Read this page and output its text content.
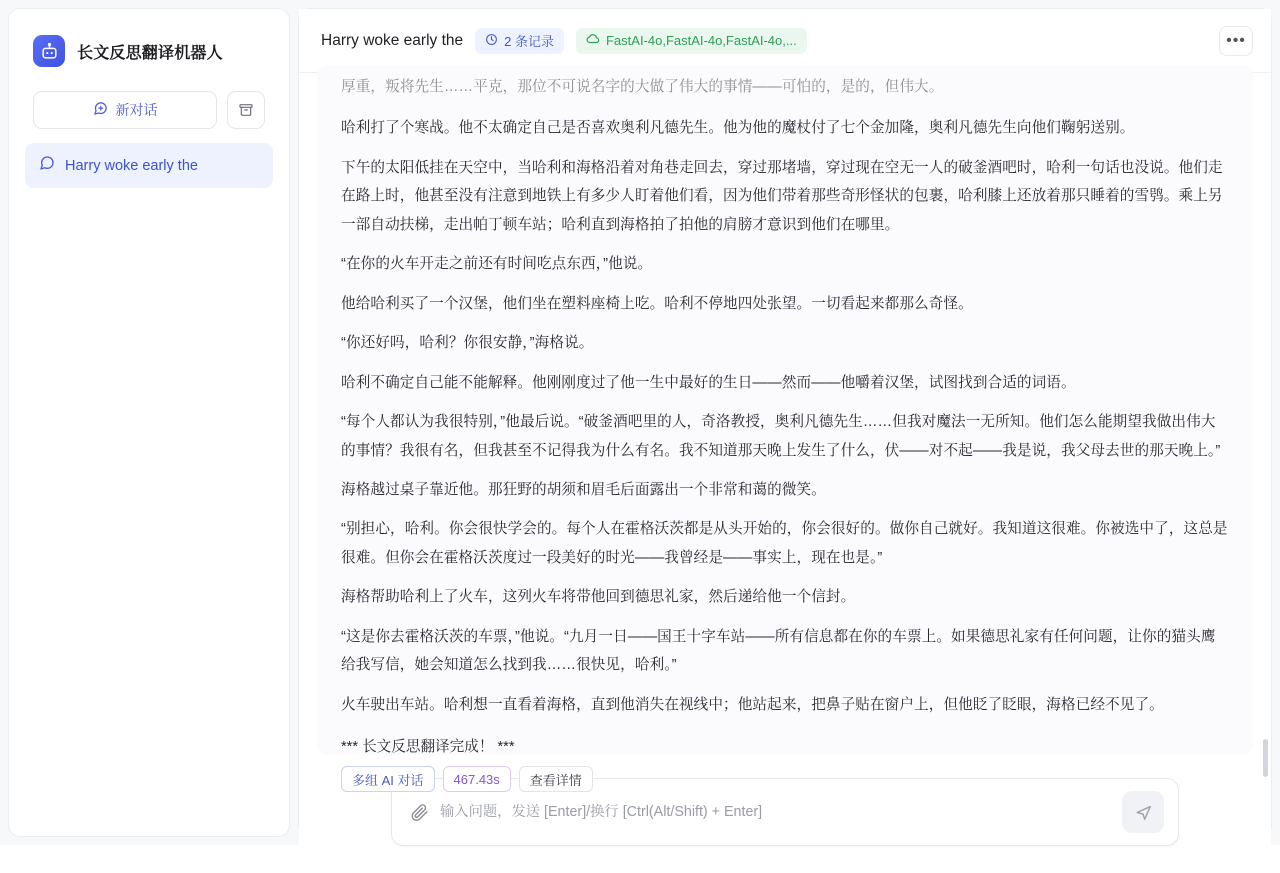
长文反思翻译机器人
新对话
Harry woke early the
Harry woke early the	2 条记录	FastAI-4o,FastAI-4o,FastAI-4o,...	•••

厚重，叛将先生……平克，那位不可说名字的大做了伟大的事情——可怕的，是的，但伟大。

哈利打了个寒战。他不太确定自己是否喜欢奥利凡德先生。他为他的魔杖付了七个金加隆，奥利凡德先生向他们鞠躬送别。

下午的太阳低挂在天空中，当哈利和海格沿着对角巷走回去，穿过那堵墙，穿过现在空无一人的破釜酒吧时，哈利一句话也没说。他们走在路上时，他甚至没有注意到地铁上有多少人盯着他们看，因为他们带着那些奇形怪状的包裹，哈利膝上还放着那只睡着的雪鸮。乘上另一部自动扶梯，走出帕丁顿车站；哈利直到海格拍了拍他的肩膀才意识到他们在哪里。

“在你的火车开走之前还有时间吃点东西，”他说。

他给哈利买了一个汉堡，他们坐在塑料座椅上吃。哈利不停地四处张望。一切看起来都那么奇怪。

“你还好吗，哈利？你很安静，”海格说。

哈利不确定自己能不能解释。他刚刚度过了他一生中最好的生日——然而——他嚼着汉堡，试图找到合适的词语。

“每个人都认为我很特别，”他最后说。“破釜酒吧里的人，奇洛教授，奥利凡德先生……但我对魔法一无所知。他们怎么能期望我做出伟大的事情？我很有名，但我甚至不记得我为什么有名。我不知道那天晚上发生了什么，伏——对不起——我是说，我父母去世的那天晚上。”

海格越过桌子靠近他。那狂野的胡须和眉毛后面露出一个非常和蔼的微笑。

“别担心，哈利。你会很快学会的。每个人在霍格沃茨都是从头开始的，你会很好的。做你自己就好。我知道这很难。你被选中了，这总是很难。但你会在霍格沃茨度过一段美好的时光——我曾经是——事实上，现在也是。”

海格帮助哈利上了火车，这列火车将带他回到德思礼家，然后递给他一个信封。

“这是你去霍格沃茨的车票，”他说。“九月一日——国王十字车站——所有信息都在你的车票上。如果德思礼家有任何问题，让你的猫头鹰给我写信，她会知道怎么找到我……很快见，哈利。”

火车驶出车站。哈利想一直看着海格，直到他消失在视线中；他站起来，把鼻子贴在窗户上，但他眨了眨眼，海格已经不见了。

*** 长文反思翻译完成！ ***
多组 AI 对话 467.43s 查看详情
输入问题，发送 [Enter]/换行 [Ctrl(Alt/Shift) + Enter]
